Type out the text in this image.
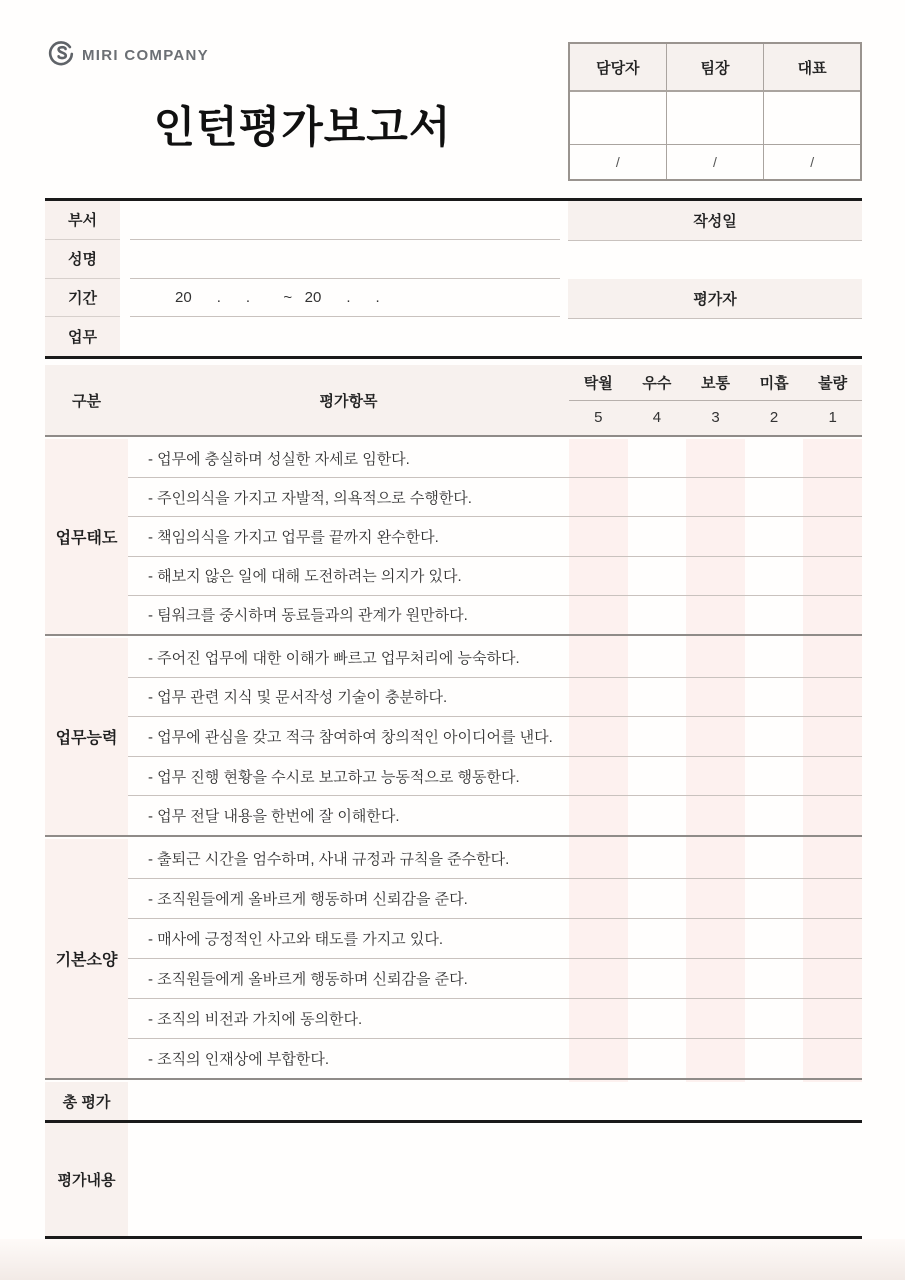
MIRI COMPANY
인턴평가보고서
담당자	팀장	대표
/	/	/
부서
성명
기간	20      .      .        ~   20      .      .
업무
작성일
평가자
구분	평가항목
탁월	우수	보통	미흡	불량
5	4	3	2	1
업무태도
- 업무에 충실하며 성실한 자세로 임한다.
- 주인의식을 가지고 자발적, 의욕적으로 수행한다.
- 책임의식을 가지고 업무를 끝까지 완수한다.
- 해보지 않은 일에 대해 도전하려는 의지가 있다.
- 팀워크를 중시하며 동료들과의 관계가 원만하다.
업무능력
- 주어진 업무에 대한 이해가 빠르고 업무처리에 능숙하다.
- 업무 관련 지식 및 문서작성 기술이 충분하다.
- 업무에 관심을 갖고 적극 참여하여 창의적인 아이디어를 낸다.
- 업무 진행 현황을 수시로 보고하고 능동적으로 행동한다.
- 업무 전달 내용을 한번에 잘 이해한다.
기본소양
- 출퇴근 시간을 엄수하며, 사내 규정과 규칙을 준수한다.
- 조직원들에게 올바르게 행동하며 신뢰감을 준다.
- 매사에 긍정적인 사고와 태도를 가지고 있다.
- 조직원들에게 올바르게 행동하며 신뢰감을 준다.
- 조직의 비전과 가치에 동의한다.
- 조직의 인재상에 부합한다.
총 평가
평가내용
